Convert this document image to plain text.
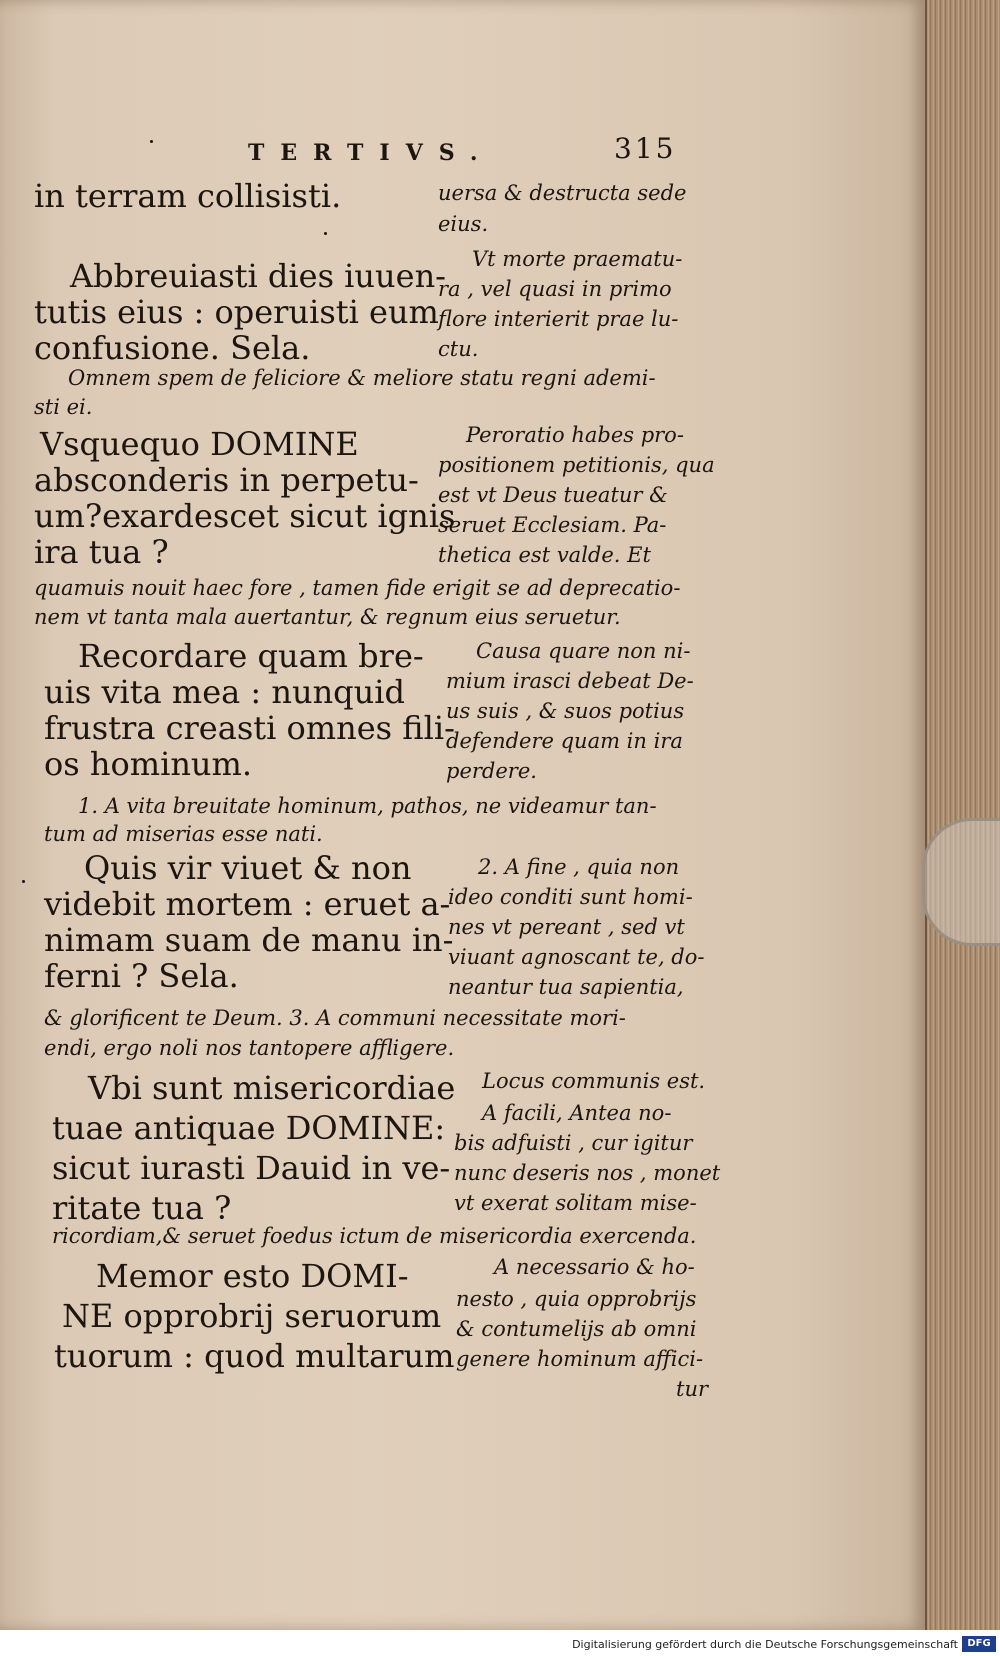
TERTIVS.	315
in terram collisisti.	uersa & destructa sede
eius.
Abbreuiasti dies iuuen-
tutis eius : operuisti eum
confusione. Sela.
Vt morte praematu-
ra , vel quasi in primo
flore interierit prae lu-
ctu.
Omnem spem de feliciore & meliore statu regni ademi-
sti ei.
Vsquequo DOMINE
absconderis in perpetu-
um?exardescet sicut ignis
ira tua ?
Peroratio habes pro-
positionem petitionis, qua
est vt Deus tueatur &
seruet Ecclesiam. Pa-
thetica est valde. Et
quamuis nouit haec fore , tamen fide erigit se ad deprecatio-
nem vt tanta mala auertantur, & regnum eius seruetur.
Recordare quam bre-
uis vita mea : nunquid
frustra creasti omnes fili-
os hominum.
Causa quare non ni-
mium irasci debeat De-
us suis , & suos potius
defendere quam in ira
perdere.
1. A vita breuitate hominum, pathos, ne videamur tan-
tum ad miserias esse nati.
Quis vir viuet & non
videbit mortem : eruet a-
nimam suam de manu in-
ferni ? Sela.
2. A fine , quia non
ideo conditi sunt homi-
nes vt pereant , sed vt
viuant agnoscant te, do-
neantur tua sapientia,
& glorificent te Deum. 3. A communi necessitate mori-
endi, ergo noli nos tantopere affligere.
Vbi sunt misericordiae
tuae antiquae DOMINE:
sicut iurasti Dauid in ve-
ritate tua ?
Locus communis est.
A facili, Antea no-
bis adfuisti , cur igitur
nunc deseris nos , monet
vt exerat solitam mise-
ricordiam,& seruet foedus ictum de misericordia exercenda.
Memor esto DOMI-
NE opprobrij seruorum
tuorum : quod multarum
A necessario & ho-
nesto , quia opprobrijs
& contumelijs ab omni
genere hominum affici-
tur
Digitalisierung gefördert durch die Deutsche Forschungsgemeinschaft DFG
